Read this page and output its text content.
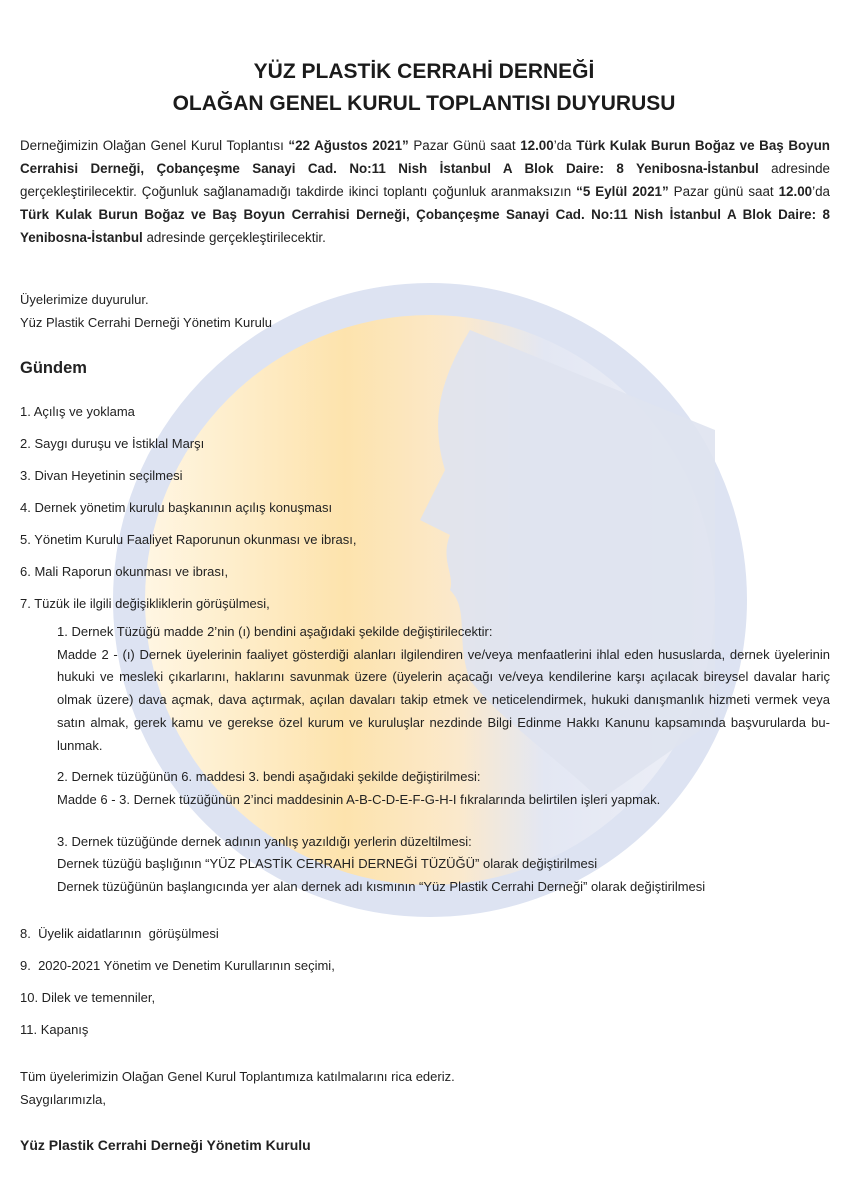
YÜZ PLASTİK CERRAHİ DERNEĞİ
OLAĞAN GENEL KURUL TOPLANTISI DUYURUSU
Derneğimizin Olağan Genel Kurul Toplantısı “22 Ağustos 2021” Pazar Günü saat 12.00’da Türk Kulak Burun Boğaz ve Baş Boyun Cerrahisi Derneği, Çobançeşme Sanayi Cad. No:11 Nish İstanbul A Blok Daire: 8 Yenibosna-İstanbul adresinde gerçekleştirilecektir. Çoğunluk sağlanamadığı takdirde ikinci toplantı çoğunluk aranmaksızın “5 Eylül 2021” Pazar günü saat 12.00’da Türk Kulak Burun Boğaz ve Baş Boyun Cerrahisi Derneği, Çobançeşme Sanayi Cad. No:11 Nish İstanbul A Blok Daire: 8 Yenibosna-İstanbul adresinde gerçekleştirilecektir.
Üyelerimize duyurulur.
Yüz Plastik Cerrahi Derneği Yönetim Kurulu
Gündem
1. Açılış ve yoklama
2. Saygı duruşu ve İstiklal Marşı
3. Divan Heyetinin seçilmesi
4. Dernek yönetim kurulu başkanının açılış konuşması
5. Yönetim Kurulu Faaliyet Raporunun okunması ve ibrası,
6. Mali Raporun okunması ve ibrası,
7. Tüzük ile ilgili değişikliklerin görüşülmesi,
1. Dernek Tüzüğü madde 2’nin (ı) bendini aşağıdaki şekilde değiştirilecektir:
Madde 2 - (ı) Dernek üyelerinin faaliyet gösterdiği alanları ilgilendiren ve/veya menfaatlerini ihlal eden hususlarda, dernek üyelerinin hukuki ve mesleki çıkarlarını, haklarını savunmak üzere (üyelerin açacağı ve/veya kendilerine karşı açılacak bireysel davalar hariç olmak üzere) dava açmak, dava açtırmak, açılan davaları takip etmek ve neticelendirmek, hukuki danışmanlık hizmeti vermek veya satın almak, gerek kamu ve gerekse özel kurum ve kuruluşlar nezdinde Bilgi Edinme Hakkı Kanunu kapsamında başvurularda bu-lunmak.
2. Dernek tüzüğünün 6. maddesi 3. bendi aşağıdaki şekilde değiştirilmesi:
Madde 6 - 3. Dernek tüzüğünün 2’inci maddesinin A-B-C-D-E-F-G-H-I fıkralarında belirtilen işleri yapmak.
3. Dernek tüzüğünde dernek adının yanlış yazıldığı yerlerin düzeltilmesi:
Dernek tüzüğü başlığının “YÜZ PLASTİK CERRAHİ DERNEĞİ TÜZÜĞÜ” olarak değiştirilmesi
Dernek tüzüğünün başlangıcında yer alan dernek adı kısmının “Yüz Plastik Cerrahi Derneği” olarak değiştirilmesi
8.  Üyelik aidatlarının  görüşülmesi
9.  2020-2021 Yönetim ve Denetim Kurullarının seçimi,
10. Dilek ve temenniler,
11. Kapanış
Tüm üyelerimizin Olağan Genel Kurul Toplantımıza katılmalarını rica ederiz.
Saygılarımızla,
Yüz Plastik Cerrahi Derneği Yönetim Kurulu
